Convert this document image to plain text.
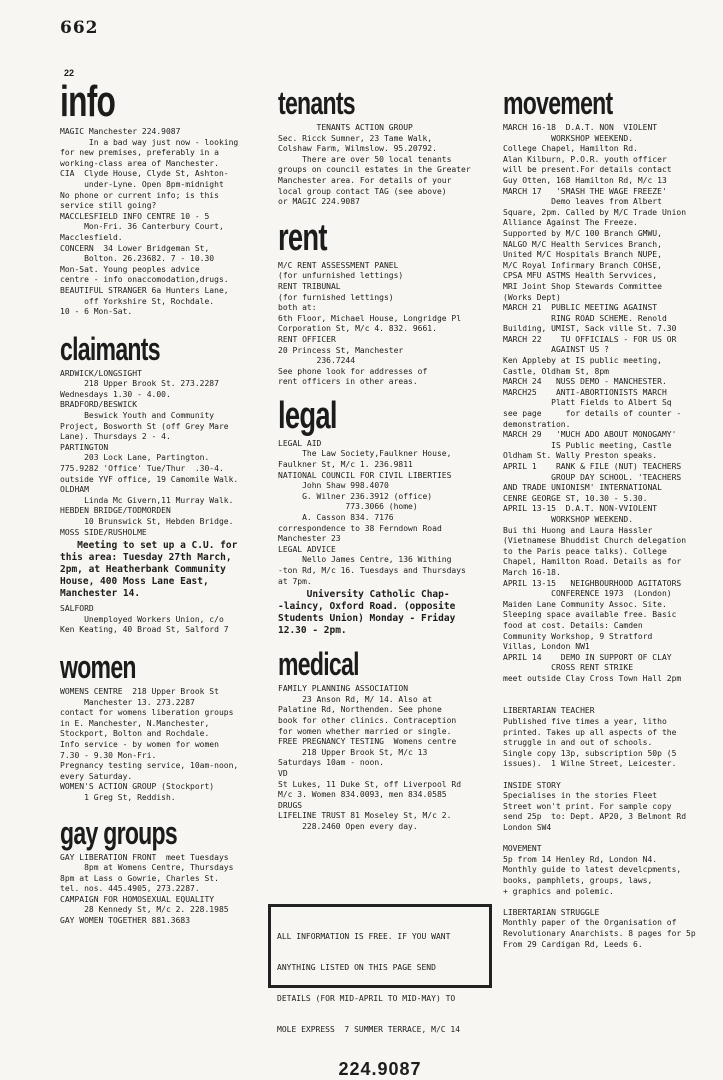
662
22
info
MAGIC Manchester 224.9087
In a bad way just now - looking
for new premises, preferably in a
working-class area of Manchester.
CIA  Clyde House, Clyde St, Ashton-
under-Lyne. Open 8pm-midnight
No phone or current info; is this
service still going?
MACCLESFIELD INFO CENTRE 10 - 5
Mon-Fri. 36 Canterbury Court,
Macclesfield.
CONCERN  34 Lower Bridgeman St,
Bolton. 26.23682. 7 - 10.30
Mon-Sat. Young peoples advice
centre - info onaccomodation,drugs.
BEAUTIFUL STRANGER 6a Hunters Lane,
off Yorkshire St, Rochdale.
10 - 6 Mon-Sat.
claimants
ARDWICK/LONGSIGHT
218 Upper Brook St. 273.2287
Wednesdays 1.30 - 4.00.
BRADFORD/BESWICK
Beswick Youth and Community
Project, Bosworth St (off Grey Mare
Lane). Thursdays 2 - 4.
PARTINGTON
203 Lock Lane, Partington.
775.9282 'Office' Tue/Thur  .30-4.
outside YVF office, 19 Camomile Walk.
OLDHAM
Linda Mc Givern,11 Murray Walk.
HEBDEN BRIDGE/TODMORDEN
10 Brunswick St, Hebden Bridge.
MOSS SIDE/RUSHOLME
Meeting to set up a C.U. for
this area: Tuesday 27th March,
2pm, at Heatherbank Community
House, 400 Moss Lane East,
Manchester 14.
SALFORD
Unemployed Workers Union, c/o
Ken Keating, 40 Broad St, Salford 7
women
WOMENS CENTRE  218 Upper Brook St
Manchester 13. 273.2287
contact for womens liberation groups
in E. Manchester, N.Manchester,
Stockport, Bolton and Rochdale.
Info service - by women for women
7.30 - 9.30 Mon-Fri.
Pregnancy testing service, 10am-noon,
every Saturday.
WOMEN'S ACTION GROUP (Stockport)
1 Greg St, Reddish.
gay groups
GAY LIBERATION FRONT  meet Tuesdays
8pm at Womens Centre, Thursdays
8pm at Lass o Gowrie, Charles St.
tel. nos. 445.4905, 273.2287.
CAMPAIGN FOR HOMOSEXUAL EQUALITY
28 Kennedy St, M/c 2. 228.1985
GAY WOMEN TOGETHER 881.3683
tenants
TENANTS ACTION GROUP
Sec. Ricck Sumner, 23 Tame Walk,
Colshaw Farm, Wilmslow. 95.20792.
There are over 50 local tenants
groups on council estates in the Greater
Manchester area. For details of your
local group contact TAG (see above)
or MAGIC 224.9087
rent
M/C RENT ASSESSMENT PANEL
(for unfurnished lettings)
RENT TRIBUNAL
(for furnished lettings)
both at:
6th Floor, Michael House, Longridge Pl
Corporation St, M/c 4. 832. 9661.
RENT OFFICER
20 Princess St, Manchester
236.7244
See phone look for addresses of
rent officers in other areas.
legal
LEGAL AID
The Law Society,Faulkner House,
Faulkner St, M/c 1. 236.9811
NATIONAL COUNCIL FOR CIVIL LIBERTIES
John Shaw 998.4070
G. Wilner 236.3912 (office)
773.3066 (home)
A. Casson 834. 7176
correspondence to 38 Ferndown Road
Manchester 23
LEGAL ADVICE
Nello James Centre, 136 Withing
-ton Rd, M/c 16. Tuesdays and Thursdays
at 7pm.
University Catholic Chap-
-laincy, Oxford Road. (opposite
Students Union) Monday - Friday
12.30 - 2pm.
medical
FAMILY PLANNING ASSOCIATION
23 Anson Rd, M/ 14. Also at
Palatine Rd, Northenden. See phone
book for other clinics. Contraception
for women whether married or single.
FREE PREGNANCY TESTING  Womens centre
218 Upper Brook St, M/c 13
Saturdays 10am - noon.
VD
St Lukes, 11 Duke St, off Liverpool Rd
M/c 3. Women 834.0093, men 834.0585
DRUGS
LIFELINE TRUST 81 Moseley St, M/c 2.
228.2460 Open every day.
movement
MARCH 16-18  D.A.T. NON  VIOLENT
WORKSHOP WEEKEND.
College Chapel, Hamilton Rd.
Alan Kilburn, P.O.R. youth officer
will be present.For details contact
Guy Otten, 168 Hamilton Rd, M/c 13
MARCH 17   'SMASH THE WAGE FREEZE'
Demo leaves from Albert
Square, 2pm. Called by M/C Trade Union
Alliance Against The Freeze.
Supported by M/C 100 Branch GMWU,
NALGO M/C Health Services Branch,
United M/C Hospitals Branch NUPE,
M/C Royal Infirmary Branch COHSE,
CPSA MFU ASTMS Health Servvices,
MRI Joint Shop Stewards Committee
(Works Dept)
MARCH 21  PUBLIC MEETING AGAINST
RING ROAD SCHEME. Renold
Building, UMIST, Sack ville St. 7.30
MARCH 22    TU OFFICIALS - FOR US OR
AGAINST US ?
Ken Appleby at IS public meeting,
Castle, Oldham St, 8pm
MARCH 24   NUSS DEMO - MANCHESTER.
MARCH25    ANTI-ABORTIONISTS MARCH
Platt Fields to Albert Sq
see page     for details of counter -
demonstration.
MARCH 29   'MUCH ADO ABOUT MONOGAMY'
IS Public meeting, Castle
Oldham St. Wally Preston speaks.
APRIL 1    RANK & FILE (NUT) TEACHERS
GROUP DAY SCHOOL. 'TEACHERS
AND TRADE UNIONISM' INTERNATIONAL
CENRE GEORGE ST, 10.30 - 5.30.
APRIL 13-15  D.A.T. NON-VVIOLENT
WORKSHOP WEEKEND.
Bui thi Huong and Laura Hassler
(Vietnamese Bhuddist Church delegation
to the Paris peace talks). College
Chapel, Hamilton Road. Details as for
March 16-18.
APRIL 13-15   NEIGHBOURHOOD AGITATORS
CONFERENCE 1973  (London)
Maiden Lane Community Assoc. Site.
Sleeping space available free. Basic
food at cost. Details: Camden
Community Workshop, 9 Stratford
Villas, London NW1
APRIL 14    DEMO IN SUPPORT OF CLAY
CROSS RENT STRIKE
meet outside Clay Cross Town Hall 2pm
LIBERTARIAN TEACHER
Published five times a year, litho
printed. Takes up all aspects of the
struggle in and out of schools.
Single copy 13p, subscription 50p (5
issues).  1 Wilne Street, Leicester.

INSIDE STORY
Specialises in the stories Fleet
Street won't print. For sample copy
send 25p  to: Dept. AP20, 3 Belmont Rd
London SW4

MOVEMENT
5p from 14 Henley Rd, London N4.
Monthly guide to latest develcpments,
books, pamphlets, groups, laws,
+ graphics and polemic.

LIBERTARIAN STRUGGLE
Monthly paper of the Organisation of
Revolutionary Anarchists. 8 pages for 5p
From 29 Cardigan Rd, Leeds 6.

ALL INFORMATION IS FREE. IF YOU WANT

ANYTHING LISTED ON THIS PAGE SEND

DETAILS (FOR MID-APRIL TO MID-MAY) TO

MOLE EXPRESS  7 SUMMER TERRACE, M/C 14

224.9087
